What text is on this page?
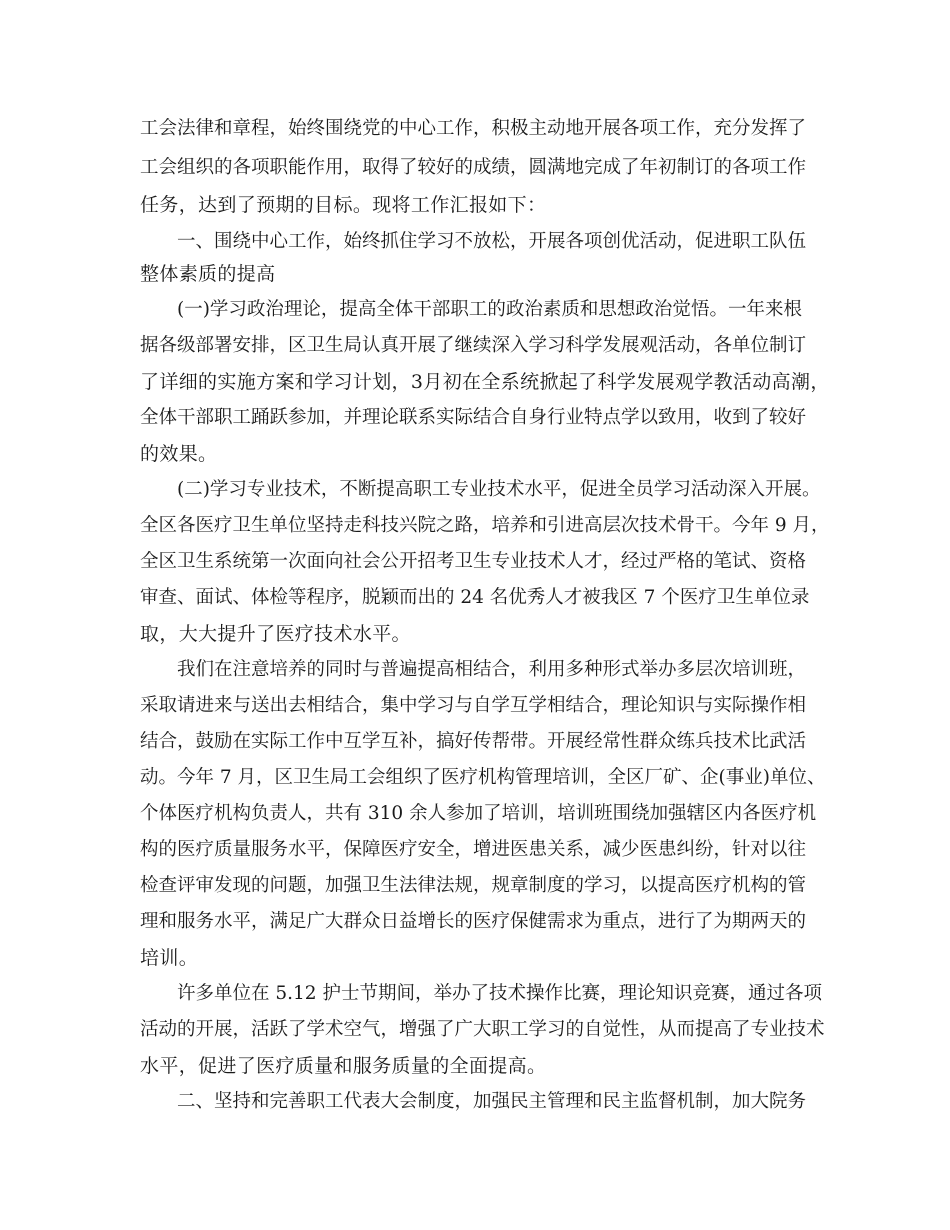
工会法律和章程，始终围绕党的中心工作，积极主动地开展各项工作，充分发挥了

工会组织的各项职能作用，取得了较好的成绩，圆满地完成了年初制订的各项工作

任务，达到了预期的目标。现将工作汇报如下：

一、围绕中心工作，始终抓住学习不放松，开展各项创优活动，促进职工队伍

整体素质的提高

(一)学习政治理论，提高全体干部职工的政治素质和思想政治觉悟。一年来根

据各级部署安排，区卫生局认真开展了继续深入学习科学发展观活动，各单位制订

了详细的实施方案和学习计划，3月初在全系统掀起了科学发展观学教活动高潮，

全体干部职工踊跃参加，并理论联系实际结合自身行业特点学以致用，收到了较好

的效果。

(二)学习专业技术，不断提高职工专业技术水平，促进全员学习活动深入开展。

全区各医疗卫生单位坚持走科技兴院之路，培养和引进高层次技术骨干。今年 9 月，

全区卫生系统第一次面向社会公开招考卫生专业技术人才，经过严格的笔试、资格

审查、面试、体检等程序，脱颖而出的 24 名优秀人才被我区 7 个医疗卫生单位录

取，大大提升了医疗技术水平。

我们在注意培养的同时与普遍提高相结合，利用多种形式举办多层次培训班，

采取请进来与送出去相结合，集中学习与自学互学相结合，理论知识与实际操作相

结合，鼓励在实际工作中互学互补，搞好传帮带。开展经常性群众练兵技术比武活

动。今年 7 月，区卫生局工会组织了医疗机构管理培训，全区厂矿、企(事业)单位、

个体医疗机构负责人，共有 310 余人参加了培训，培训班围绕加强辖区内各医疗机

构的医疗质量服务水平，保障医疗安全，增进医患关系，减少医患纠纷，针对以往

检查评审发现的问题，加强卫生法律法规，规章制度的学习，以提高医疗机构的管

理和服务水平，满足广大群众日益增长的医疗保健需求为重点，进行了为期两天的

培训。

许多单位在 5.12 护士节期间，举办了技术操作比赛，理论知识竞赛，通过各项

活动的开展，活跃了学术空气，增强了广大职工学习的自觉性，从而提高了专业技术

水平，促进了医疗质量和服务质量的全面提高。

二、坚持和完善职工代表大会制度，加强民主管理和民主监督机制，加大院务
